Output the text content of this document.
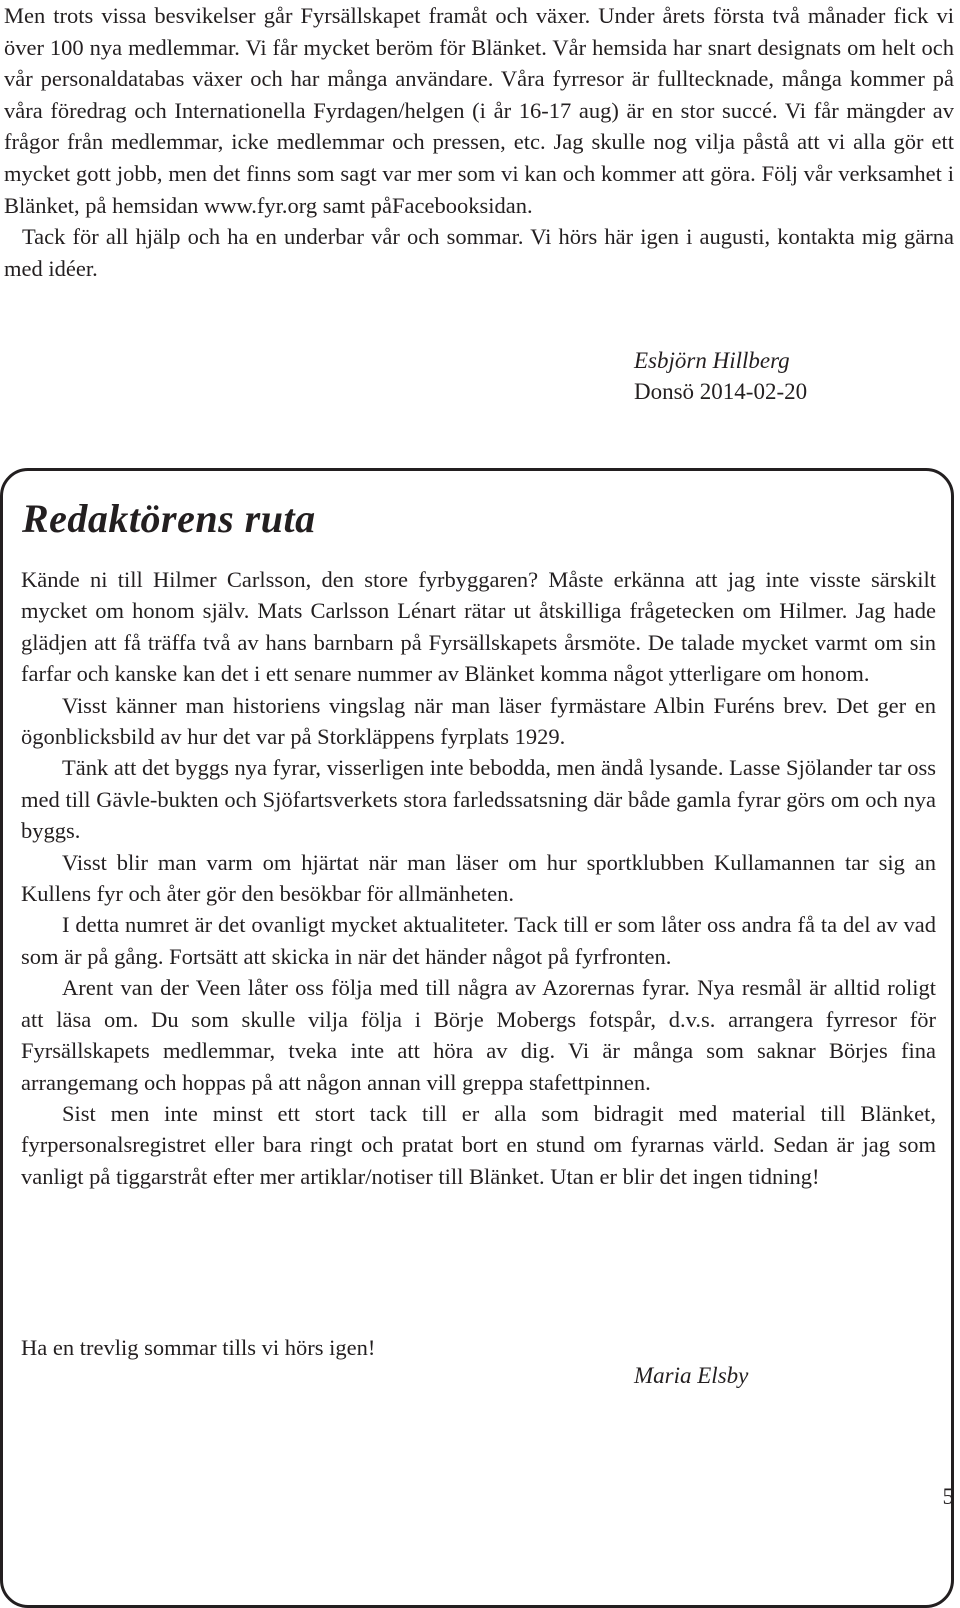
Men trots vissa besvikelser går Fyrsällskapet framåt och växer. Under årets första två månader fick vi över 100 nya medlemmar. Vi får mycket beröm för Blänket. Vår hemsida har snart designats om helt och vår personaldatabas växer och har många användare. Våra fyrresor är fulltecknade, många kommer på våra föredrag och Internationella Fyrdagen/helgen (i år 16-17 aug) är en stor succé. Vi får mängder av frågor från medlemmar, icke medlemmar och pressen, etc. Jag skulle nog vilja påstå att vi alla gör ett mycket gott jobb, men det finns som sagt var mer som vi kan och kommer att göra. Följ vår verksamhet i Blänket, på hemsidan www.fyr.org samt påFacebooksidan.

Tack för all hjälp och ha en underbar vår och sommar. Vi hörs här igen i augusti, kontakta mig gärna med idéer.

Esbjörn Hillberg
Donsö 2014-02-20
Redaktörens ruta

Kände ni till Hilmer Carlsson, den store fyrbyggaren? Måste erkänna att jag inte visste särskilt mycket om honom själv. Mats Carlsson Lénart rätar ut åtskilliga frågetecken om Hilmer. Jag hade glädjen att få träffa två av hans barnbarn på Fyrsällskapets årsmöte. De talade mycket varmt om sin farfar och kanske kan det i ett senare nummer av Blänket komma något ytterligare om honom.

Visst känner man historiens vingslag när man läser fyrmästare Albin Furéns brev. Det ger en ögonblicksbild av hur det var på Storkläppens fyrplats 1929.

Tänk att det byggs nya fyrar, visserligen inte bebodda, men ändå lysande. Lasse Sjölander tar oss med till Gävle-bukten och Sjöfartsverkets stora farledssatsning där både gamla fyrar görs om och nya byggs.

Visst blir man varm om hjärtat när man läser om hur sportklubben Kullamannen tar sig an Kullens fyr och åter gör den besökbar för allmänheten.

I detta numret är det ovanligt mycket aktualiteter. Tack till er som låter oss andra få ta del av vad som är på gång. Fortsätt att skicka in när det händer något på fyrfronten.

Arent van der Veen låter oss följa med till några av Azorernas fyrar. Nya resmål är alltid roligt att läsa om. Du som skulle vilja följa i Börje Mobergs fotspår, d.v.s. arrangera fyrresor för Fyrsällskapets medlemmar, tveka inte att höra av dig. Vi är många som saknar Börjes fina arrangemang och hoppas på att någon annan vill greppa stafettpinnen.

Sist men inte minst ett stort tack till er alla som bidragit med material till Blänket, fyrpersonalsregistret eller bara ringt och pratat bort en stund om fyrarnas värld. Sedan är jag som vanligt på tiggarstråt efter mer artiklar/notiser till Blänket. Utan er blir det ingen tidning!

Ha en trevlig sommar tills vi hörs igen!
Maria Elsby
5
